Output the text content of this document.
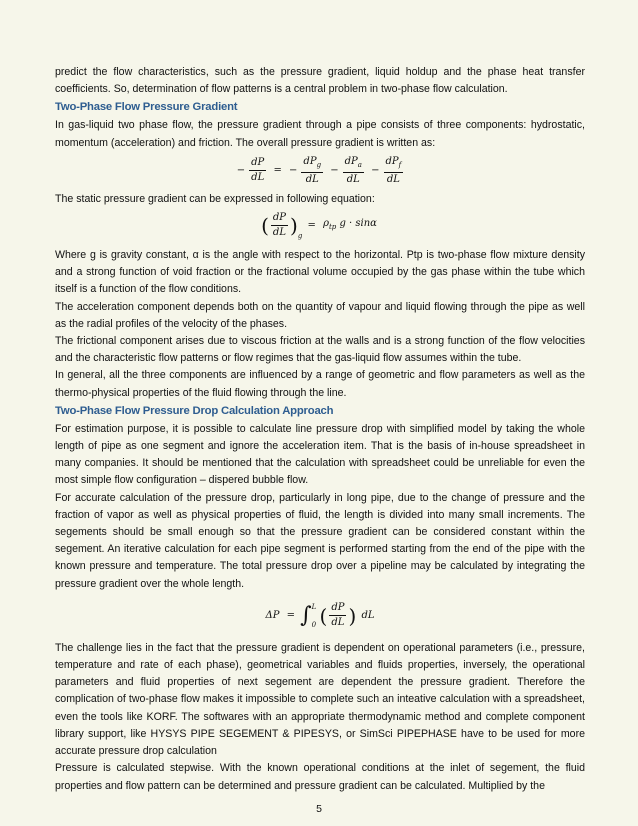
predict the flow characteristics, such as the pressure gradient, liquid holdup and the phase heat transfer coefficients. So, determination of flow patterns is a central problem in two-phase flow calculation.

Two-Phase Flow Pressure Gradient

In gas-liquid two phase flow, the pressure gradient through a pipe consists of three components: hydrostatic, momentum (acceleration) and friction. The overall pressure gradient is written as:

− $\frac{dP}{dL}$ = − $\frac{dP_g}{dL} - \frac{dP_a}{dL} - \frac{dP_f}{dL}$

The static pressure gradient can be expressed in following equation:

( $\frac{dP}{dL} )_g = \rho_{tp}$ g · sinα

Where g is gravity constant, α is the angle with respect to the horizontal. Ptp is two-phase flow mixture density and a strong function of void fraction or the fractional volume occupied by the gas phase within the tube which itself is a function of the flow conditions.

The acceleration component depends both on the quantity of vapour and liquid flowing through the pipe as well as the radial profiles of the velocity of the phases.

The frictional component arises due to viscous friction at the walls and is a strong function of the flow velocities and the characteristic flow patterns or flow regimes that the gas-liquid flow assumes within the tube.

In general, all the three components are influenced by a range of geometric and flow parameters as well as the thermo-physical properties of the fluid flowing through the line.

Two-Phase Flow Pressure Drop Calculation Approach

For estimation purpose, it is possible to calculate line pressure drop with simplified model by taking the whole length of pipe as one segment and ignore the acceleration item. That is the basis of in-house spreadsheet in many companies. It should be mentioned that the calculation with spreadsheet could be unreliable for even the most simple flow configuration – dispered bubble flow.

For accurate calculation of the pressure drop, particularly in long pipe, due to the change of pressure and the fraction of vapor as well as physical properties of fluid, the length is divided into many small increments. The segements should be small enough so that the pressure gradient can be considered constant within the segement. An iterative calculation for each pipe segment is performed starting from the end of the pipe with the known pressure and temperature. The total pressure drop over a pipeline may be calculated by integrating the pressure gradient over the whole length.

ΔP = ∫ L
0 ( $\frac{dP}{dL}$ ) dL

The challenge lies in the fact that the pressure gradient is dependent on operational parameters (i.e., pressure, temperature and rate of each phase), geometrical variables and fluids properties, inversely, the operational parameters and fluid properties of next segement are dependent the pressure gradient. Therefore the complication of two-phase flow makes it impossible to complete such an inteative calculation with a spreadsheet, even the tools like KORF. The softwares with an appropriate thermodynamic method and complete component library support, like HYSYS PIPE SEGEMENT & PIPESYS, or SimSci PIPEPHASE have to be used for more accurate pressure drop calculation

Pressure is calculated stepwise. With the known operational conditions at the inlet of segement, the fluid properties and flow pattern can be determined and pressure gradient can be calculated. Multiplied by the

5
